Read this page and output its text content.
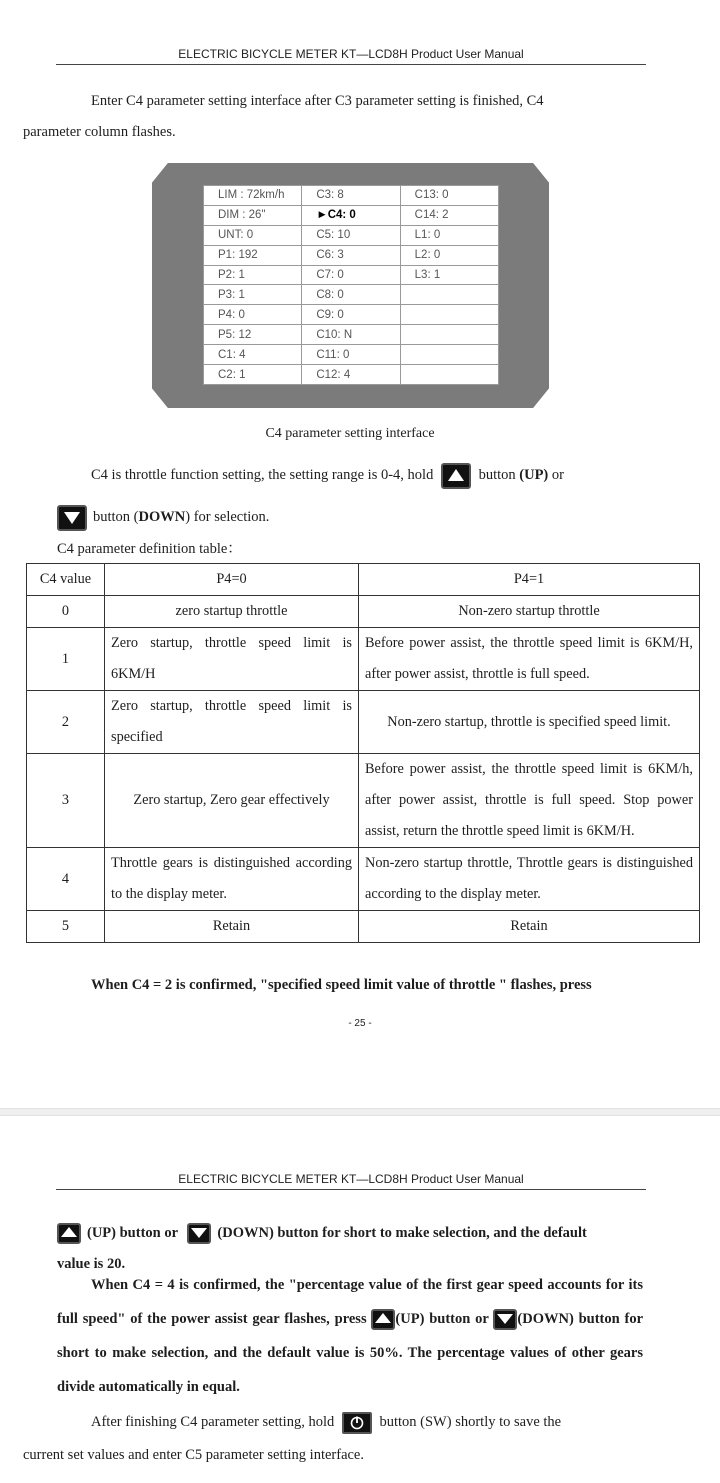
ELECTRIC BICYCLE METER KT—LCD8H Product User Manual

Enter C4 parameter setting interface after C3 parameter setting is finished, C4
parameter column flashes.

LIM : 72km/h	C3: 8	C13: 0
DIM : 26"	►C4: 0	C14: 2
UNT: 0	C5: 10	L1: 0
P1: 192	C6: 3	L2: 0
P2: 1	C7: 0	L3: 1
P3: 1	C8: 0	
P4: 0	C9: 0	
P5: 12	C10: N	
C1: 4	C11: 0	
C2: 1	C12: 4	
C4 parameter setting interface
C4 is throttle function setting, the setting range is 0-4, hold	button (UP) or
button (DOWN) for selection.
C4 parameter definition table：
C4 value	P4=0	P4=1
0	zero startup throttle	Non-zero startup throttle
1	Zero startup, throttle speed limit is 6KM/H	Before power assist, the throttle speed limit is 6KM/H, after power assist, throttle is full speed.
2	Zero startup, throttle speed limit is specified	Non-zero startup, throttle is specified speed limit.
3	Zero startup, Zero gear effectively	Before power assist, the throttle speed limit is 6KM/h, after power assist, throttle is full speed. Stop power assist, return the throttle speed limit is 6KM/H.
4	Throttle gears is distinguished according to the display meter.	Non-zero startup throttle, Throttle gears is distinguished according to the display meter.
5	Retain	Retain
When C4 = 2 is confirmed, "specified speed limit value of throttle " flashes, press
- 25 -
ELECTRIC BICYCLE METER KT—LCD8H Product User Manual
(UP) button or	(DOWN) button for short to make selection, and the default
value is 20.
When C4 = 4 is confirmed, the "percentage value of the first gear speed accounts for its full speed" of the power assist gear flashes, press (UP) button or (DOWN) button for short to make selection, and the default value is 50%. The percentage values of other gears divide automatically in equal.
After finishing C4 parameter setting, hold	button (SW) shortly to save the
current set values and enter C5 parameter setting interface.
